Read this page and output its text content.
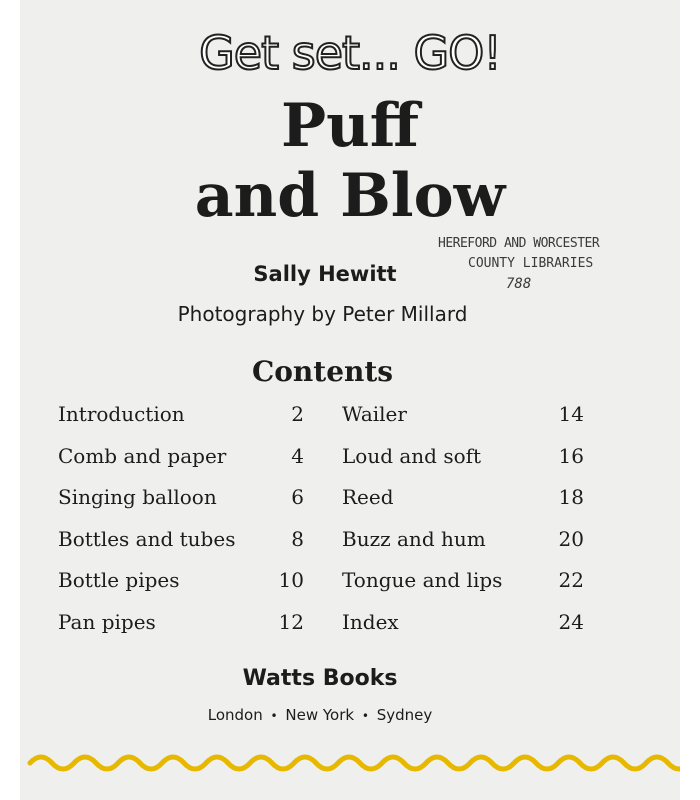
Get set... GO!
Puff
and Blow
HEREFORD AND WORCESTER
COUNTY LIBRARIES
788
Sally Hewitt
Photography by Peter Millard
Contents
Introduction	2 Wailer	14
Comb and paper	4 Loud and soft	16
Singing balloon	6 Reed	18
Bottles and tubes	8 Buzz and hum	20
Bottle pipes	10 Tongue and lips	22
Pan pipes	12 Index	24
Watts Books
London • New York • Sydney
